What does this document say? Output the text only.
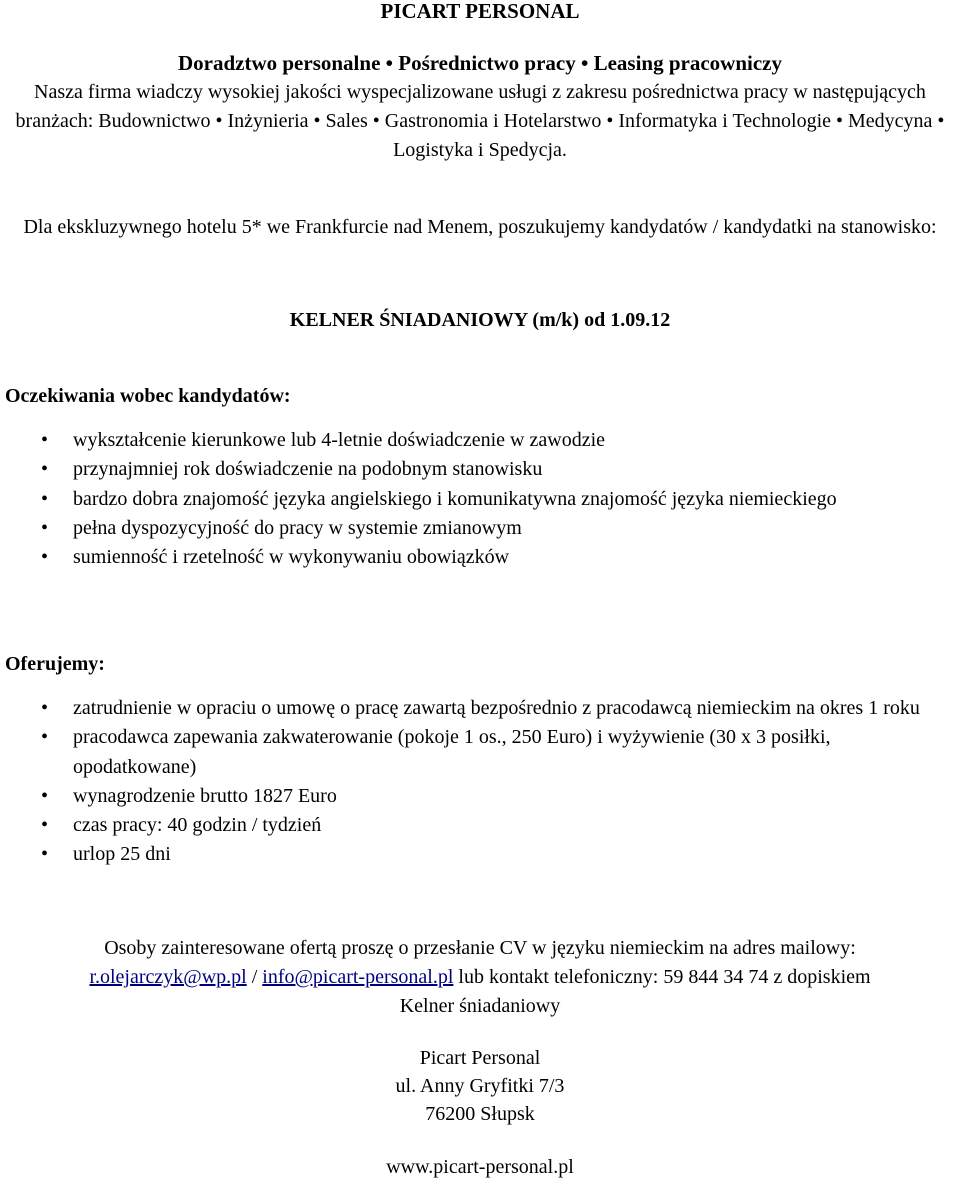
PICART PERSONAL
Doradztwo personalne • Pośrednictwo pracy • Leasing pracowniczy
Nasza firma wiadczy wysokiej jakości wyspecjalizowane usługi z zakresu pośrednictwa pracy w następujących branżach: Budownictwo • Inżynieria • Sales • Gastronomia i Hotelarstwo • Informatyka i Technologie • Medycyna • Logistyka i Spedycja.
Dla ekskluzywnego hotelu 5* we Frankfurcie nad Menem, poszukujemy kandydatów / kandydatki na stanowisko:
KELNER ŚNIADANIOWY (m/k) od 1.09.12
Oczekiwania wobec kandydatów:
• wykształcenie kierunkowe lub 4-letnie doświadczenie w zawodzie
• przynajmniej rok doświadczenie na podobnym stanowisku
• bardzo dobra znajomość języka angielskiego i komunikatywna znajomość języka niemieckiego
• pełna dyspozycyjność do pracy w systemie zmianowym
• sumienność i rzetelność w wykonywaniu obowiązków
Oferujemy:
• zatrudnienie w opraciu o umowę o pracę zawartą bezpośrednio z pracodawcą niemieckim na okres 1 roku
• pracodawca zapewania zakwaterowanie (pokoje 1 os., 250 Euro) i wyżywienie (30 x 3 posiłki, opodatkowane)
• wynagrodzenie brutto 1827 Euro
• czas pracy: 40 godzin / tydzień
• urlop 25 dni
Osoby zainteresowane ofertą proszę o przesłanie CV w języku niemieckim na adres mailowy:
r.olejarczyk@wp.pl / info@picart-personal.pl lub kontakt telefoniczny: 59 844 34 74 z dopiskiem
Kelner śniadaniowy
Picart Personal
ul. Anny Gryfitki 7/3
76200 Słupsk
www.picart-personal.pl
